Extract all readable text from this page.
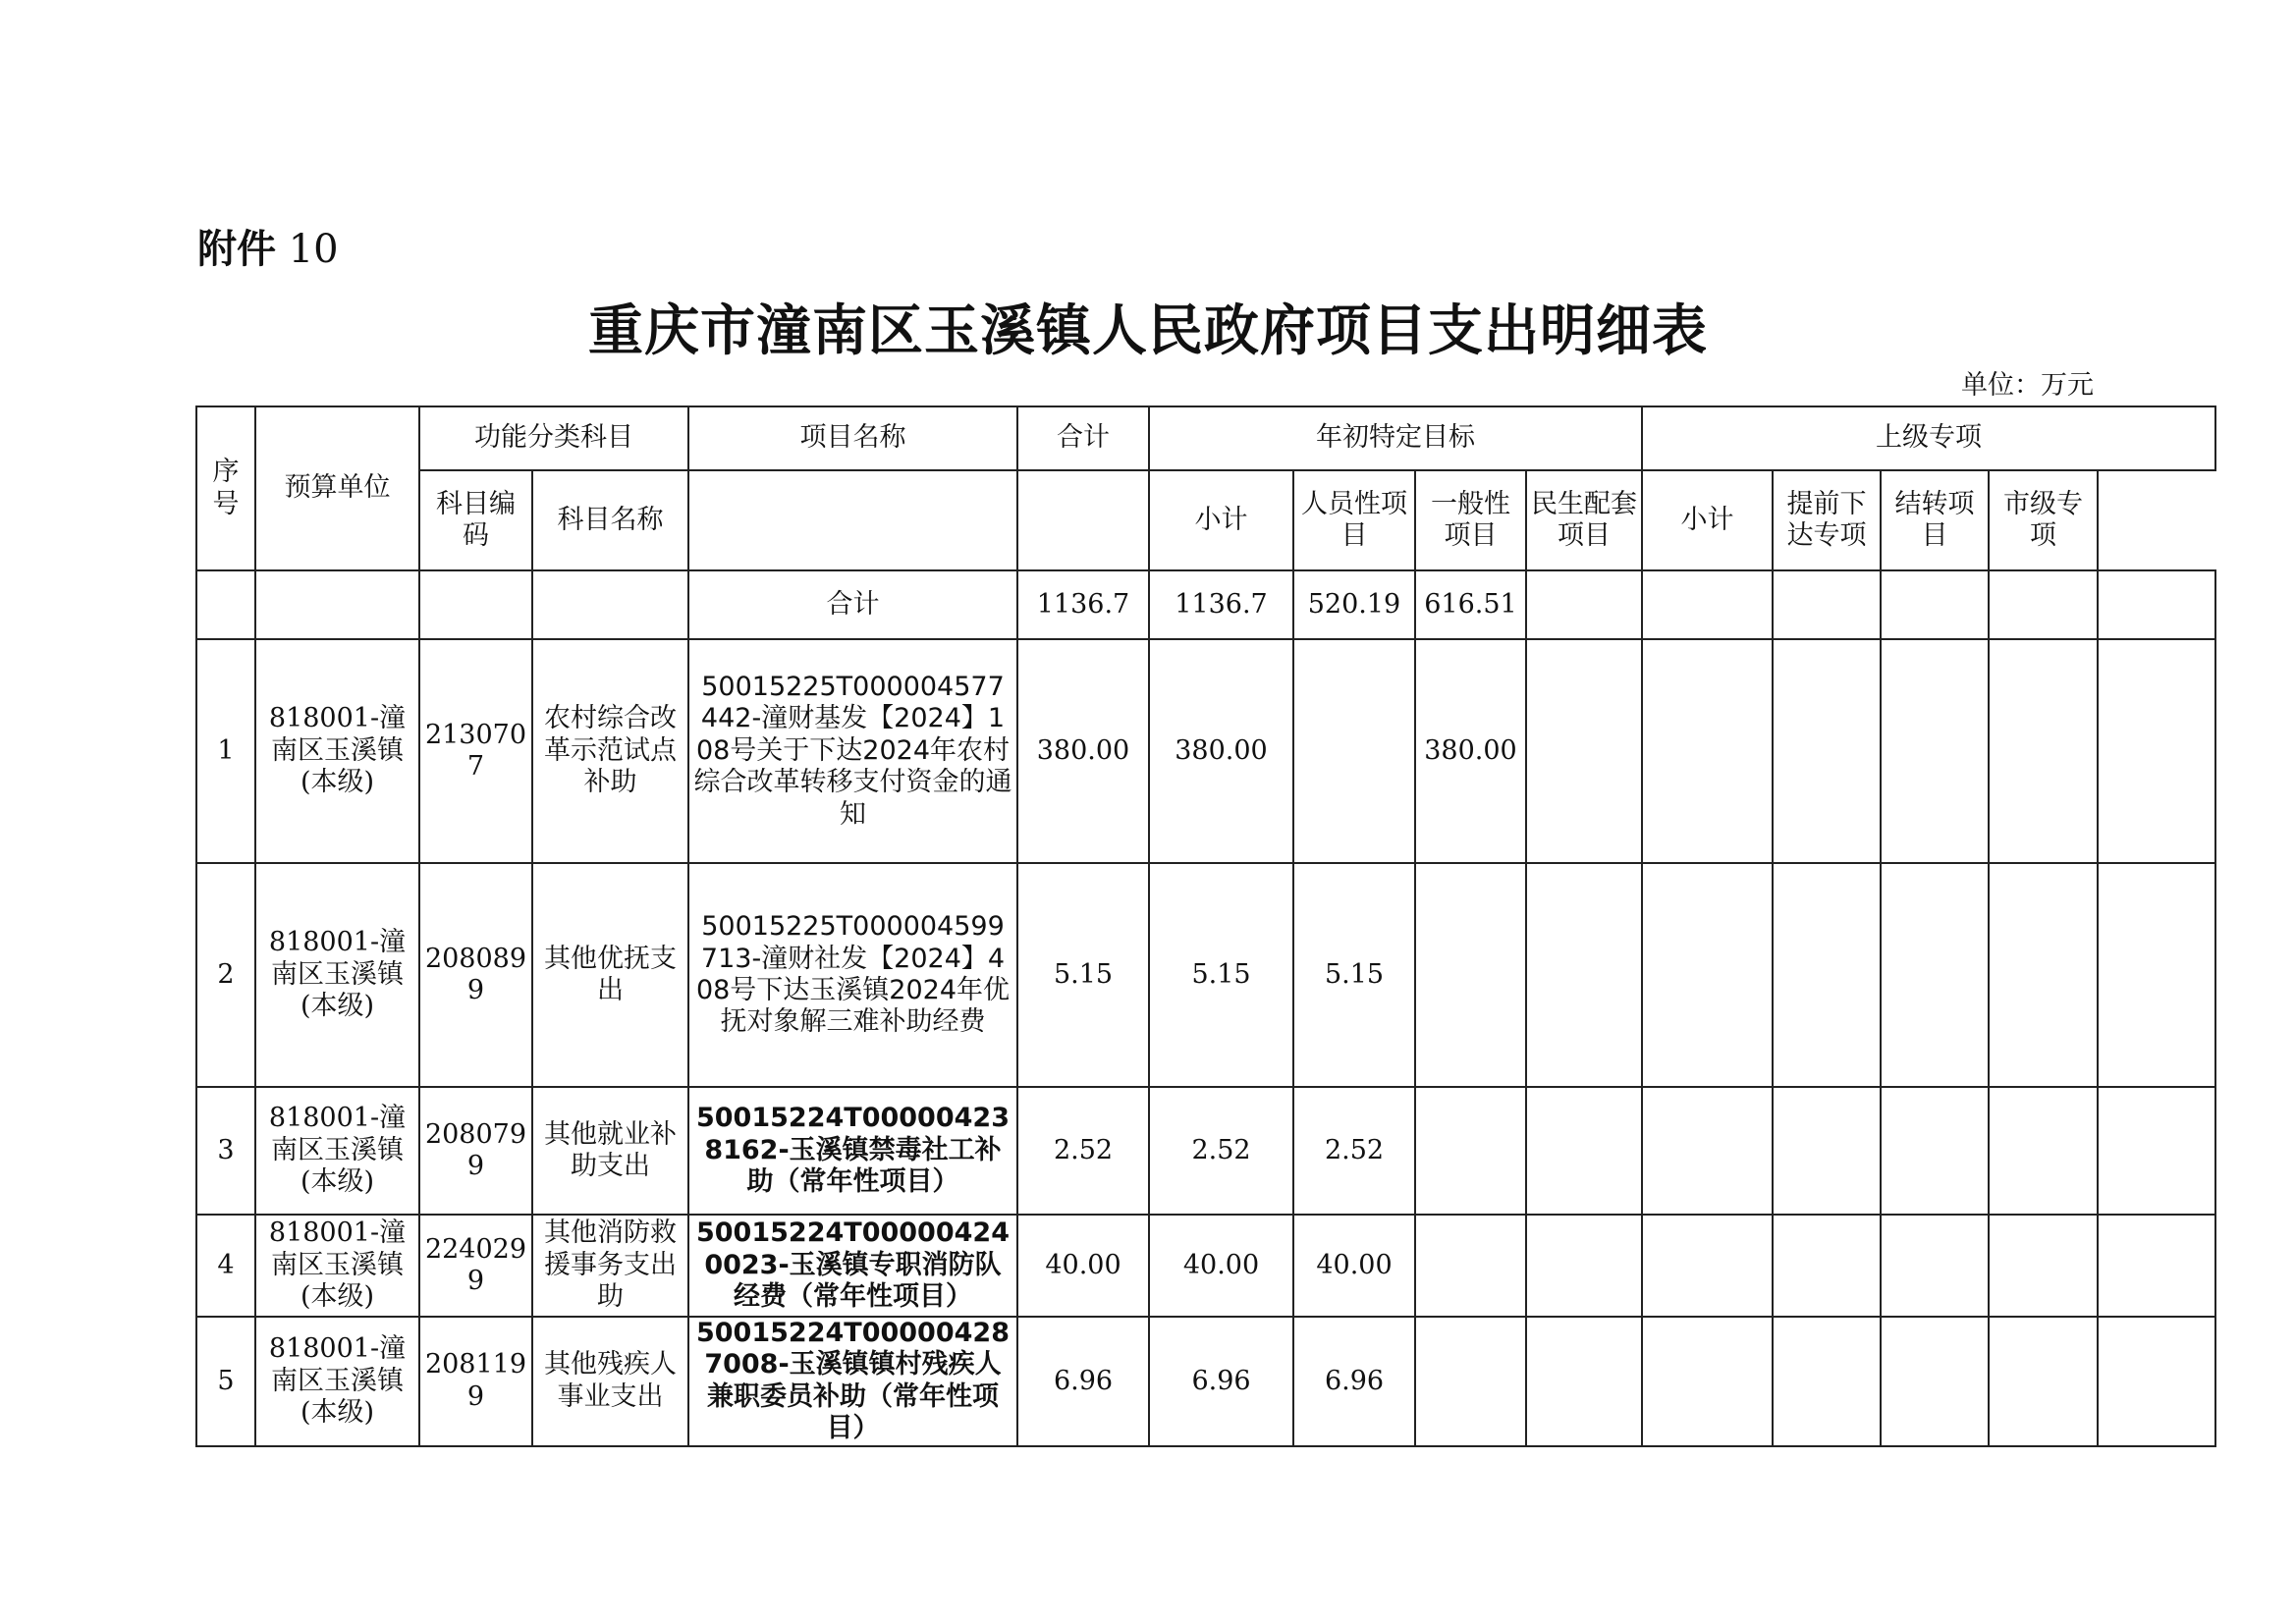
附件 10
重庆市潼南区玉溪镇人民政府项目支出明细表
单位：万元
序号	预算单位	功能分类科目		项目名称	合计	年初特定目标				上级专项				
		科目编码	科目名称			小计	人员性项目	一般性项目	民生配套项目	小计	提前下达专项	结转项目	市级专项	
				合计	1136.7	1136.7	520.19	616.51						
1	818001-潼南区玉溪镇(本级)	2130707	农村综合改革示范试点补助	50015225T000004577442-潼财基发【2024】108号关于下达2024年农村综合改革转移支付资金的通知	380.00	380.00		380.00						
2	818001-潼南区玉溪镇(本级)	2080899	其他优抚支出	50015225T000004599713-潼财社发【2024】408号下达玉溪镇2024年优抚对象解三难补助经费	5.15	5.15	5.15							
3	818001-潼南区玉溪镇(本级)	2080799	其他就业补助支出	50015224T000004238162-玉溪镇禁毒社工补助（常年性项目）	2.52	2.52	2.52							
4	818001-潼南区玉溪镇(本级)	2240299	其他消防救援事务支出助	50015224T000004240023-玉溪镇专职消防队经费（常年性项目）	40.00	40.00	40.00							
5	818001-潼南区玉溪镇(本级)	2081199	其他残疾人事业支出	50015224T000004287008-玉溪镇镇村残疾人兼职委员补助（常年性项目）	6.96	6.96	6.96							
